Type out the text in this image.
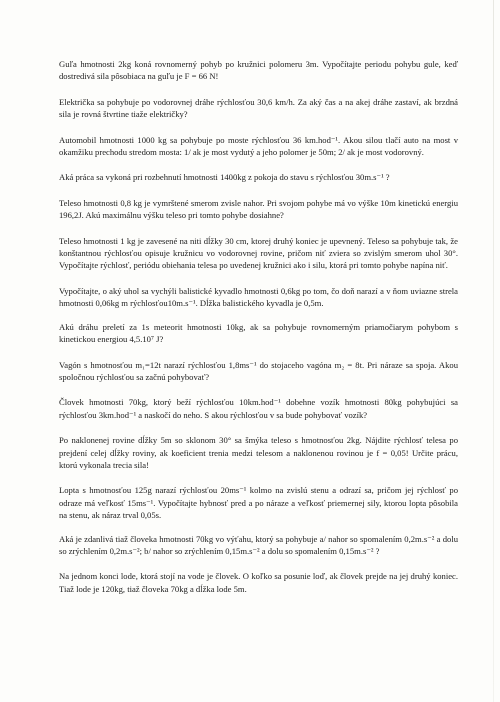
Guľa hmotnosti 2kg koná rovnomerný pohyb po kružnici polomeru 3m. Vypočítajte periodu pohybu gule, keď dostredivá sila pôsobiaca na guľu je F = 66 N!

Električka sa pohybuje po vodorovnej dráhe rýchlosťou 30,6 km/h. Za aký čas a na akej dráhe zastaví, ak brzdná sila je rovná štvrtine tiaže električky?

Automobil hmotnosti 1000 kg sa pohybuje po moste rýchlosťou 36 km.hod⁻¹. Akou silou tlačí auto na most v okamžiku prechodu stredom mosta: 1/ ak je most vydutý a jeho polomer je 50m; 2/ ak je most vodorovný.

Aká práca sa vykoná pri rozbehnutí hmotnosti 1400kg z pokoja do stavu s rýchlosťou 30m.s⁻¹ ?

Teleso hmotnosti 0,8 kg je vymrštené smerom zvisle nahor. Pri svojom pohybe má vo výške 10m kinetickú energiu 196,2J. Akú maximálnu výšku teleso pri tomto pohybe dosiahne?

Teleso hmotnosti 1 kg je zavesené na niti dĺžky 30 cm, ktorej druhý koniec je upevnený. Teleso sa pohybuje tak, že konštantnou rýchlosťou opisuje kružnicu vo vodorovnej rovine, pričom niť zviera so zvislým smerom uhol 30°. Vypočítajte rýchlosť, periódu obiehania telesa po uvedenej kružnici ako i silu, ktorá pri tomto pohybe napína niť.

Vypočítajte, o aký uhol sa vychýli balistické kyvadlo hmotnosti 0,6kg po tom, čo doň narazí a v ňom uviazne strela hmotnosti 0,06kg m rýchlosťou10m.s⁻¹. Dĺžka balistického kyvadla je 0,5m.

Akú dráhu preletí za 1s meteorit hmotnosti 10kg, ak sa pohybuje rovnomerným priamočiarym pohybom s kinetickou energiou 4,5.10⁷ J?

Vagón s hmotnosťou m₁=12t narazí rýchlosťou 1,8ms⁻¹ do stojaceho vagóna m₂ = 8t. Pri náraze sa spoja. Akou spoločnou rýchlosťou sa začnú pohybovať?

Človek hmotnosti 70kg, ktorý beží rýchlosťou 10km.hod⁻¹ dobehne vozík hmotnosti 80kg pohybujúci sa rýchlosťou 3km.hod⁻¹ a naskočí do neho. S akou rýchlosťou v sa bude pohybovať vozík?

Po naklonenej rovine dĺžky 5m so sklonom 30° sa šmýka teleso s hmotnosťou 2kg. Nájdite rýchlosť telesa po prejdení celej dĺžky roviny, ak koeficient trenia medzi telesom a naklonenou rovinou je f = 0,05! Určite prácu, ktorú vykonala trecia sila!

Lopta s hmotnosťou 125g narazí rýchlosťou 20ms⁻¹ kolmo na zvislú stenu a odrazí sa, pričom jej rýchlosť po odraze má veľkosť 15ms⁻¹. Vypočítajte hybnosť pred a po náraze a veľkosť priemernej sily, ktorou lopta pôsobila na stenu, ak náraz trval 0,05s.

Aká je zdanlivá tiaž človeka hmotnosti 70kg vo výťahu, ktorý sa pohybuje a/ nahor so spomalením 0,2m.s⁻² a dolu so zrýchlením 0,2m.s⁻²; b/ nahor so zrýchlením 0,15m.s⁻² a dolu so spomalením 0,15m.s⁻² ?

Na jednom konci lode, ktorá stojí na vode je človek. O koľko sa posunie loď, ak človek prejde na jej druhý koniec. Tiaž lode je 120kg, tiaž človeka 70kg a dĺžka lode 5m.
